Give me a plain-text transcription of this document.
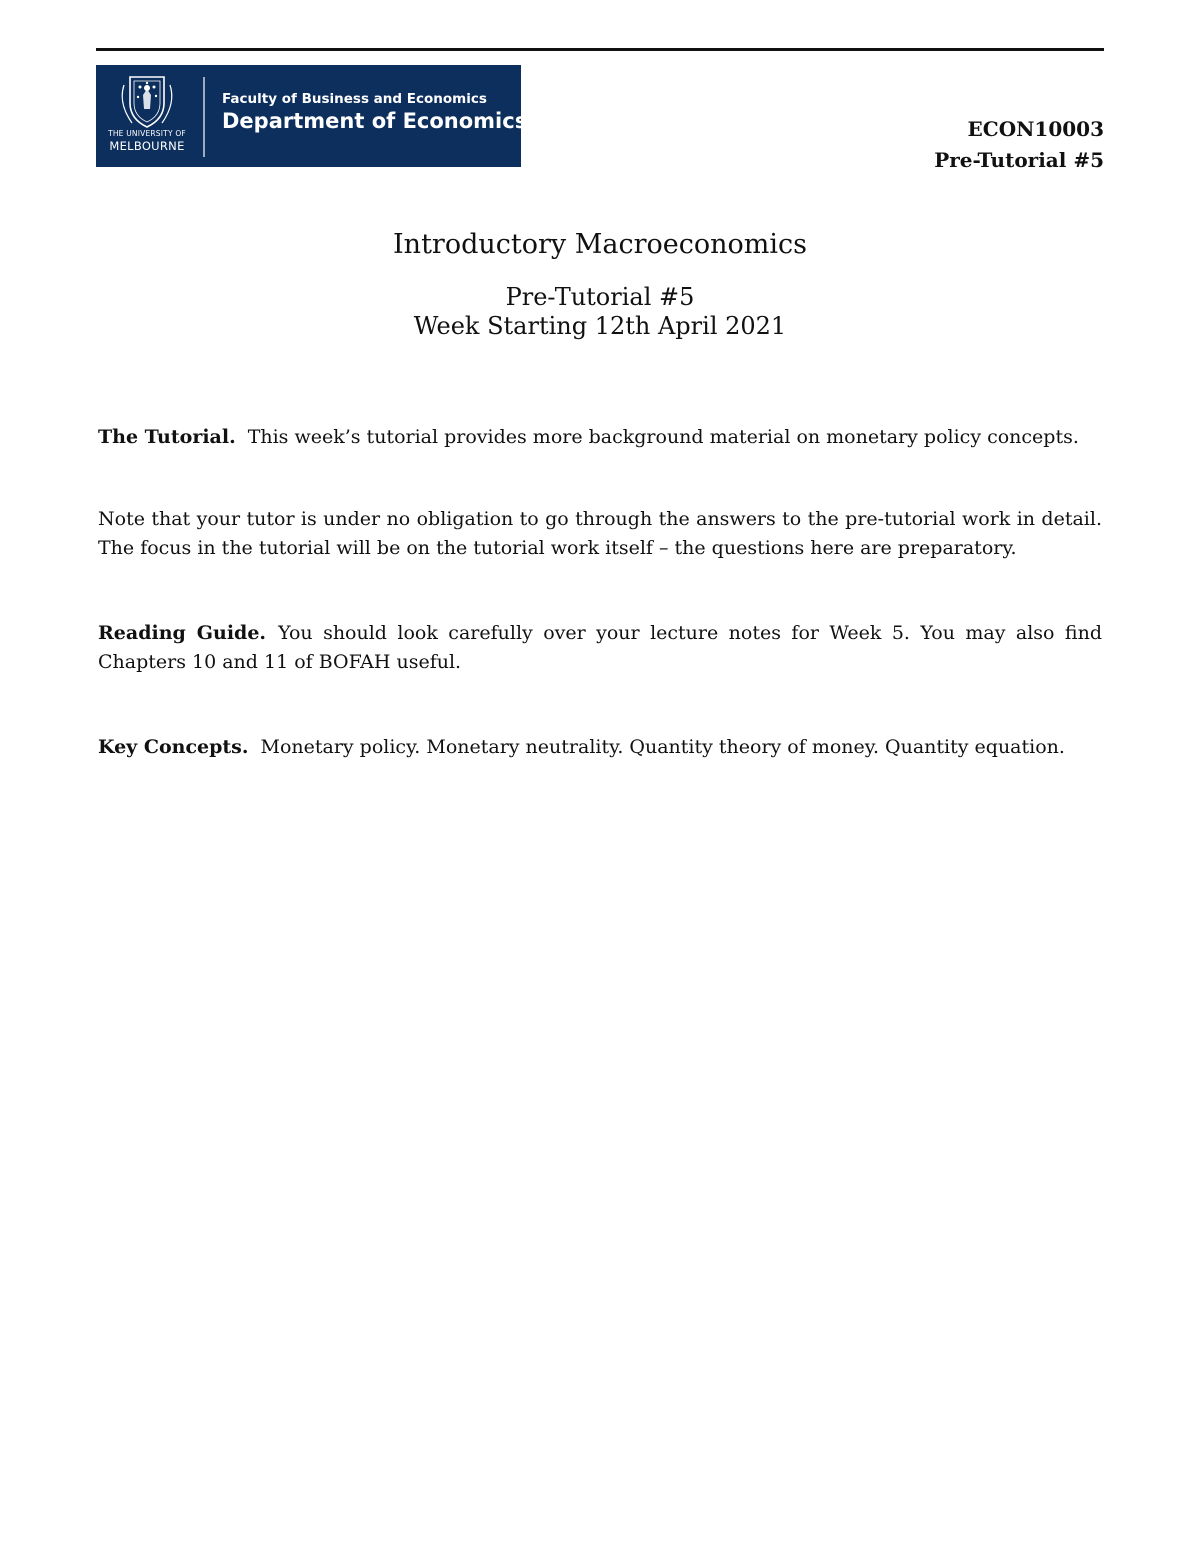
THE UNIVERSITY OF
MELBOURNE
Faculty of Business and Economics
Department of Economics	ECON10003
Pre-Tutorial #5
Introductory Macroeconomics
Pre-Tutorial #5
Week Starting 12th April 2021
The Tutorial. This week’s tutorial provides more background material on monetary policy concepts.
Note that your tutor is under no obligation to go through the answers to the pre-tutorial work in detail. The focus in the tutorial will be on the tutorial work itself – the questions here are preparatory.
Reading Guide. You should look carefully over your lecture notes for Week 5. You may also find Chapters 10 and 11 of BOFAH useful.
Key Concepts. Monetary policy. Monetary neutrality. Quantity theory of money. Quantity equation.
